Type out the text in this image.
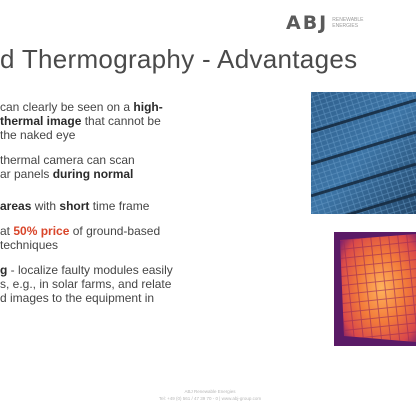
ABJ RENEWABLE
ENERGIES
d Thermography - Advantages
can clearly be seen on a high-
thermal image that cannot be
the naked eye
thermal camera can scan
ar panels during normal
areas with short time frame
at 50% price of ground-based
techniques
g - localize faulty modules easily
s, e.g., in solar farms, and relate
d images to the equipment in
ABJ Renewable Energies
Tel: +49 (0) 561 / 47 39 70 - 0 | www.abj-group.com
